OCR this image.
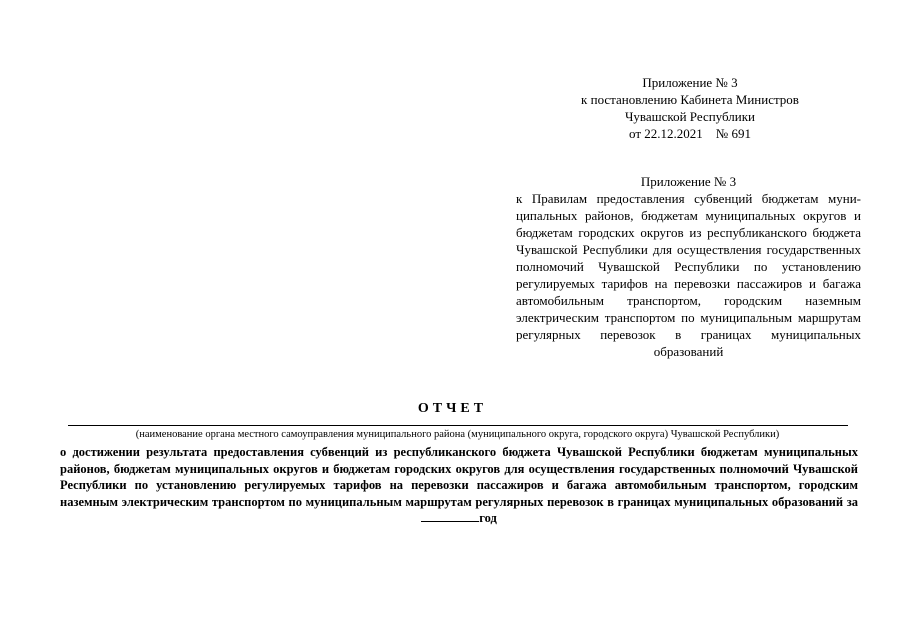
Приложение № 3
к постановлению Кабинета Министров
Чувашской Республики
от 22.12.2021    № 691
Приложение № 3
к Правилам предоставления субвенций бюджетам муниципальных районов, бюджетам муниципальных округов и бюджетам городских округов из республиканского бюджета Чувашской Республики для осуществления государственных полномочий Чувашской Республики по установлению регулируемых тарифов на перевозки пассажиров и багажа автомобильным транспортом, городским наземным электрическим транспортом по муниципальным маршрутам регулярных перевозок в границах муниципальных образований
ОТЧЕТ
(наименование органа местного самоуправления муниципального района (муниципального округа, городского округа) Чувашской Республики)
о достижении результата предоставления субвенций из республиканского бюджета Чувашской Республики бюджетам муниципальных районов, бюджетам муниципальных округов и бюджетам городских округов для осуществления государственных полномочий Чувашской Республики по установлению регулируемых тарифов на перевозки пассажиров и багажа автомобильным транспортом, городским наземным электрическим транспортом по муниципальным маршрутам регулярных перевозок в границах муниципальных образований за год
